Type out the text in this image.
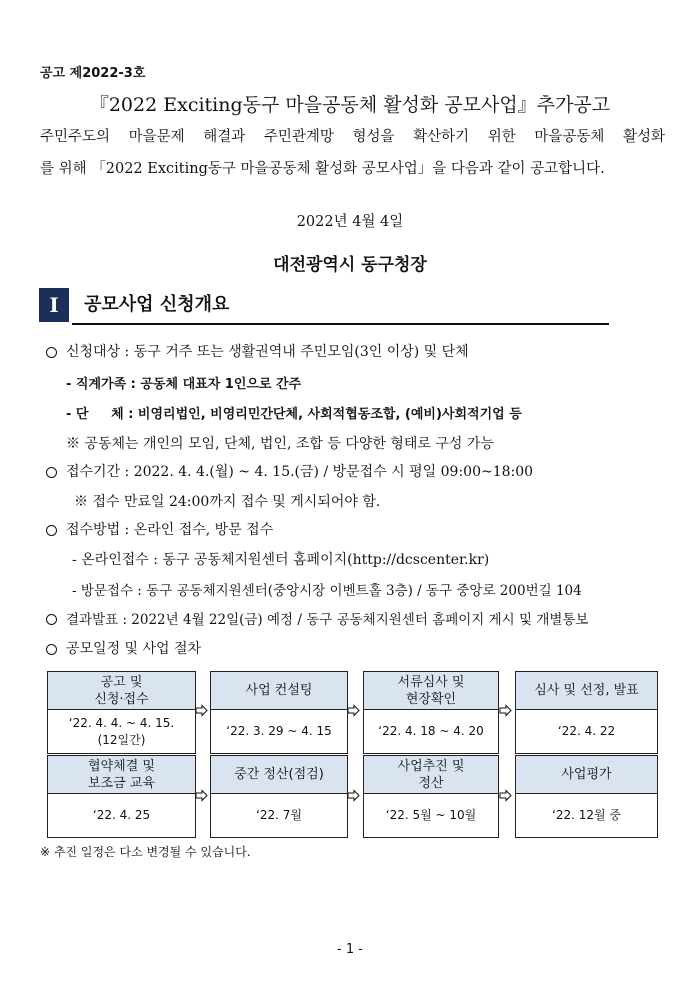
공고 제2022-3호
『2022 Exciting동구 마을공동체 활성화 공모사업』추가공고
주민주도의 마을문제 해결과 주민관계망 형성을 확산하기 위한 마을공동체 활성화
를 위해 「2022 Exciting동구 마을공동체 활성화 공모사업」을 다음과 같이 공고합니다.
2022년 4월 4일
대전광역시 동구청장
I	공모사업 신청개요
신청대상 : 동구 거주 또는 생활권역내 주민모임(3인 이상) 및 단체
- 직계가족 : 공동체 대표자 1인으로 간주
- 단     체 : 비영리법인, 비영리민간단체, 사회적협동조합, (예비)사회적기업 등
※ 공동체는 개인의 모임, 단체, 법인, 조합 등 다양한 형태로 구성 가능
접수기간 : 2022. 4. 4.(월) ~ 4. 15.(금) / 방문접수 시 평일 09:00~18:00
※ 접수 만료일 24:00까지 접수 및 게시되어야 함.
접수방법 : 온라인 접수, 방문 접수
- 온라인접수 : 동구 공동체지원센터 홈페이지(http://dcscenter.kr)
- 방문접수 : 동구 공동체지원센터(중앙시장 이벤트홀 3층) / 동구 중앙로 200번길 104
결과발표 : 2022년 4월 22일(금) 예정 / 동구 공동체지원센터 홈페이지 게시 및 개별통보
공모일정 및 사업 절차
공고 및
신청·접수
‘22. 4. 4. ~ 4. 15.
(12일간)
사업 컨설팅
‘22. 3. 29 ~ 4. 15
서류심사 및
현장확인
‘22. 4. 18 ~ 4. 20
심사 및 선정, 발표
‘22. 4. 22
협약체결 및
보조금 교육
‘22. 4. 25
중간 정산(점검)
‘22. 7월
사업추진 및
정산
‘22. 5월 ~ 10월
사업평가
‘22. 12월 중
※ 추진 일정은 다소 변경될 수 있습니다.
- 1 -
